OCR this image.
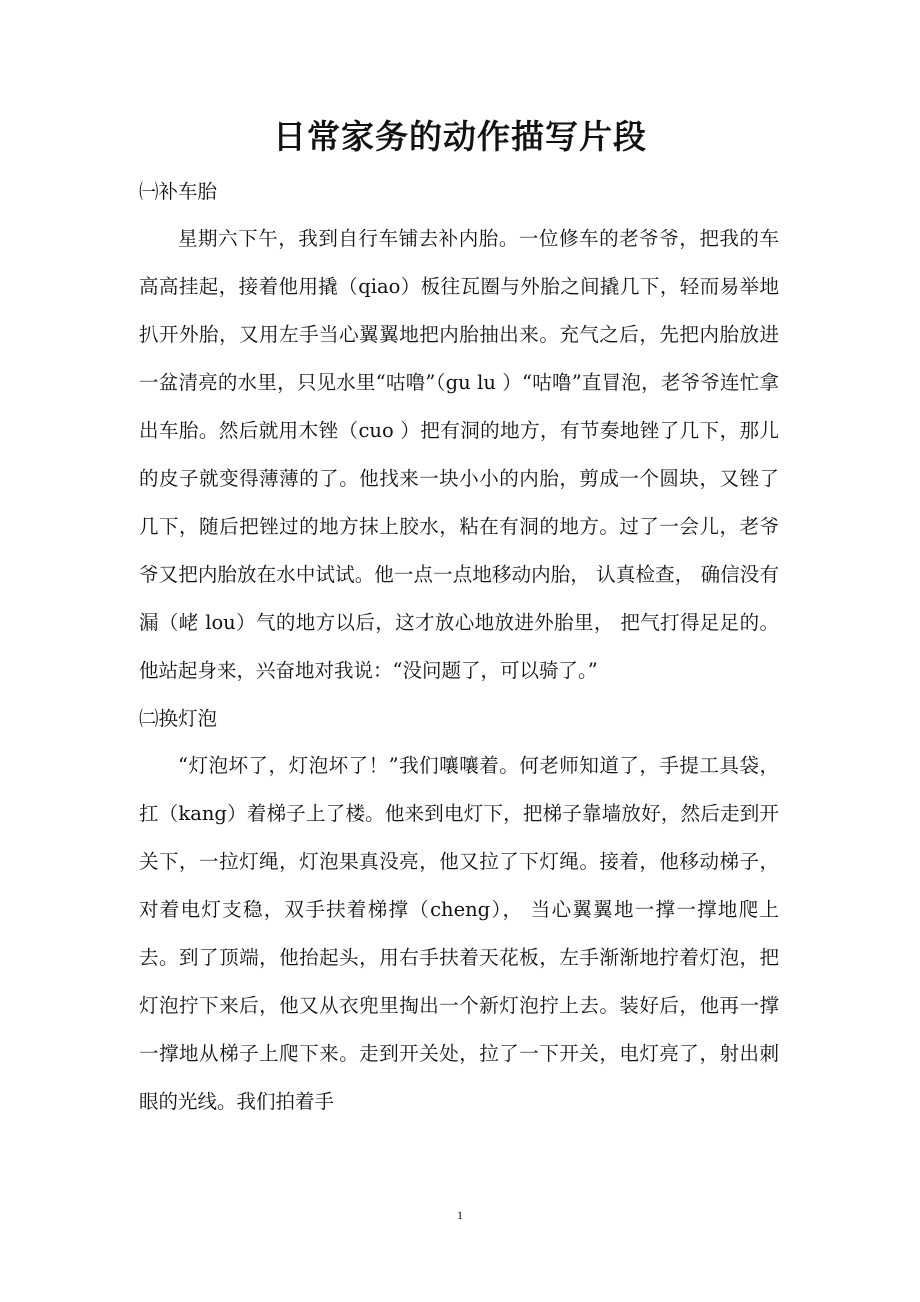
日常家务的动作描写片段

㈠补车胎

星期六下午，我到自行车铺去补内胎。一位修车的老爷爷，把我的车高高挂起，接着他用撬（qiao）板往瓦圈与外胎之间撬几下，轻而易举地扒开外胎，又用左手当心翼翼地把内胎抽出来。充气之后，先把内胎放进一盆清亮的水里，只见水里“咕噜”（gu lu ）“咕噜”直冒泡，老爷爷连忙拿出车胎。然后就用木锉（cuo ）把有洞的地方，有节奏地锉了几下，那儿的皮子就变得薄薄的了。他找来一块小小的内胎，剪成一个圆块，又锉了几下，随后把锉过的地方抹上胶水，粘在有洞的地方。过了一会儿，老爷爷又把内胎放在水中试试。他一点一点地移动内胎， 认真检查， 确信没有漏（峔 lou）气的地方以后，这才放心地放进外胎里， 把气打得足足的。他站起身来，兴奋地对我说：“没问题了，可以骑了。”

㈡换灯泡

“灯泡坏了，灯泡坏了！”我们嚷嚷着。何老师知道了，手提工具袋，扛（kang）着梯子上了楼。他来到电灯下，把梯子靠墙放好，然后走到开关下，一拉灯绳，灯泡果真没亮，他又拉了下灯绳。接着，他移动梯子，对着电灯支稳，双手扶着梯撑（cheng）， 当心翼翼地一撑一撑地爬上去。到了顶端，他抬起头，用右手扶着天花板，左手渐渐地拧着灯泡，把灯泡拧下来后，他又从衣兜里掏出一个新灯泡拧上去。装好后，他再一撑一撑地从梯子上爬下来。走到开关处，拉了一下开关，电灯亮了，射出刺眼的光线。我们拍着手

1
